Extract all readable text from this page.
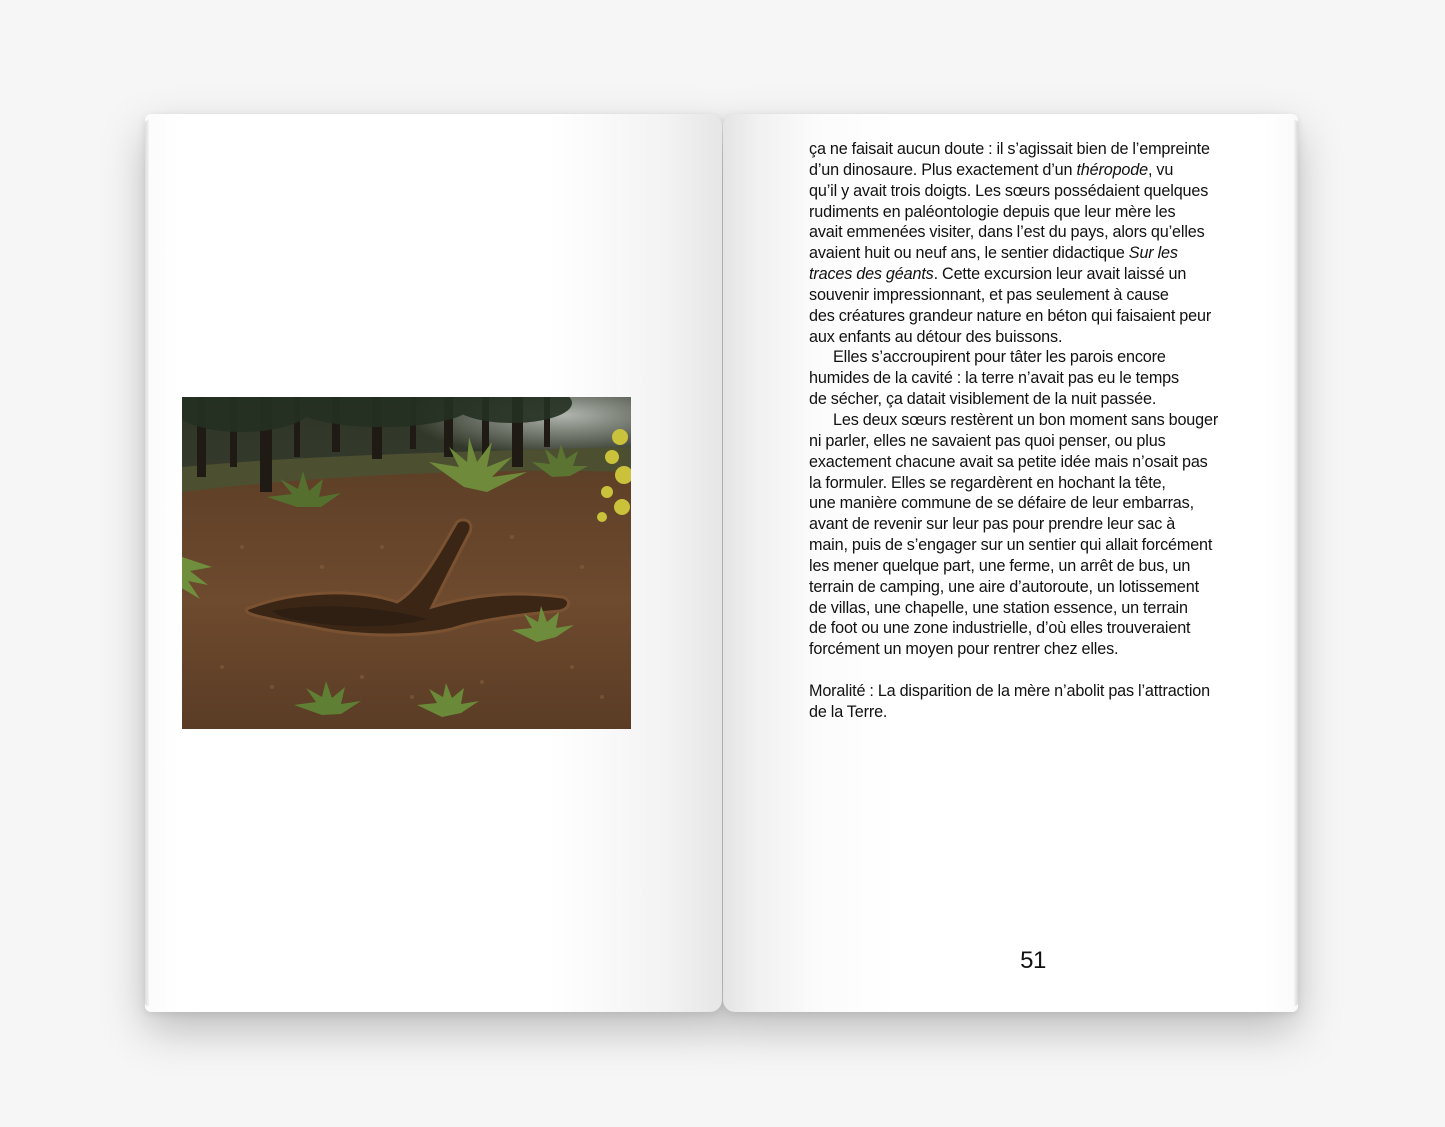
ça ne faisait aucun doute : il s’agissait bien de l’empreinte
d’un dinosaure. Plus exactement d’un théropode, vu
qu’il y avait trois doigts. Les sœurs possédaient quelques
rudiments en paléontologie depuis que leur mère les
avait emmenées visiter, dans l’est du pays, alors qu’elles
avaient huit ou neuf ans, le sentier didactique Sur les
traces des géants. Cette excursion leur avait laissé un
souvenir impressionnant, et pas seulement à cause
des créatures grandeur nature en béton qui faisaient peur
aux enfants au détour des buissons.
Elles s’accroupirent pour tâter les parois encore
humides de la cavité : la terre n’avait pas eu le temps
de sécher, ça datait visiblement de la nuit passée.
Les deux sœurs restèrent un bon moment sans bouger
ni parler, elles ne savaient pas quoi penser, ou plus
exactement chacune avait sa petite idée mais n’osait pas
la formuler. Elles se regardèrent en hochant la tête,
une manière commune de se défaire de leur embarras,
avant de revenir sur leur pas pour prendre leur sac à
main, puis de s’engager sur un sentier qui allait forcément
les mener quelque part, une ferme, un arrêt de bus, un
terrain de camping, une aire d’autoroute, un lotissement
de villas, une chapelle, une station essence, un terrain
de foot ou une zone industrielle, d’où elles trouveraient
forcément un moyen pour rentrer chez elles.
Moralité : La disparition de la mère n’abolit pas l’attraction
de la Terre.
51
